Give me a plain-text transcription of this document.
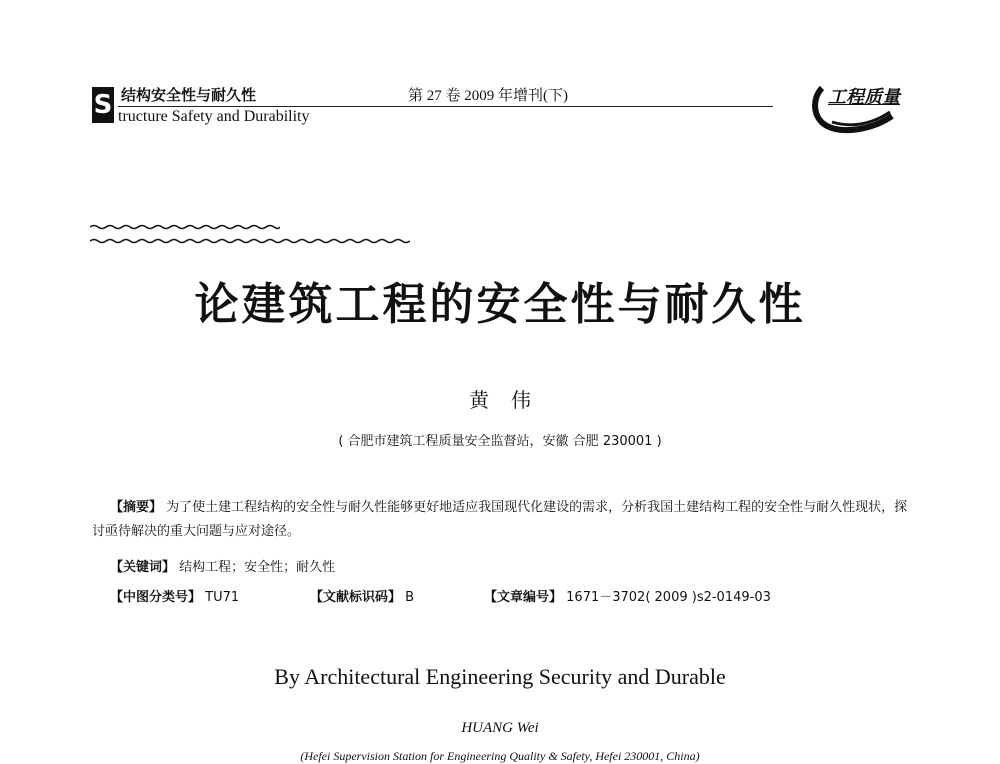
S 结构安全性与耐久性
tructure Safety and Durability
第 27 卷 2009 年增刊(下)	工程质量
论建筑工程的安全性与耐久性
黄伟
( 合肥市建筑工程质量安全监督站，安徽 合肥 230001 )
【摘要】 为了使土建工程结构的安全性与耐久性能够更好地适应我国现代化建设的需求，分析我国土建结构工程的安全性与耐久性现状，探讨亟待解决的重大问题与应对途径。
【关键词】 结构工程；安全性；耐久性
【中图分类号】 TU71	【文献标识码】 B	【文章编号】 1671－3702( 2009 )s2-0149-03
By Architectural Engineering Security and Durable
HUANG Wei
(Hefei Supervision Station for Engineering Quality & Safety, Hefei 230001, China)
